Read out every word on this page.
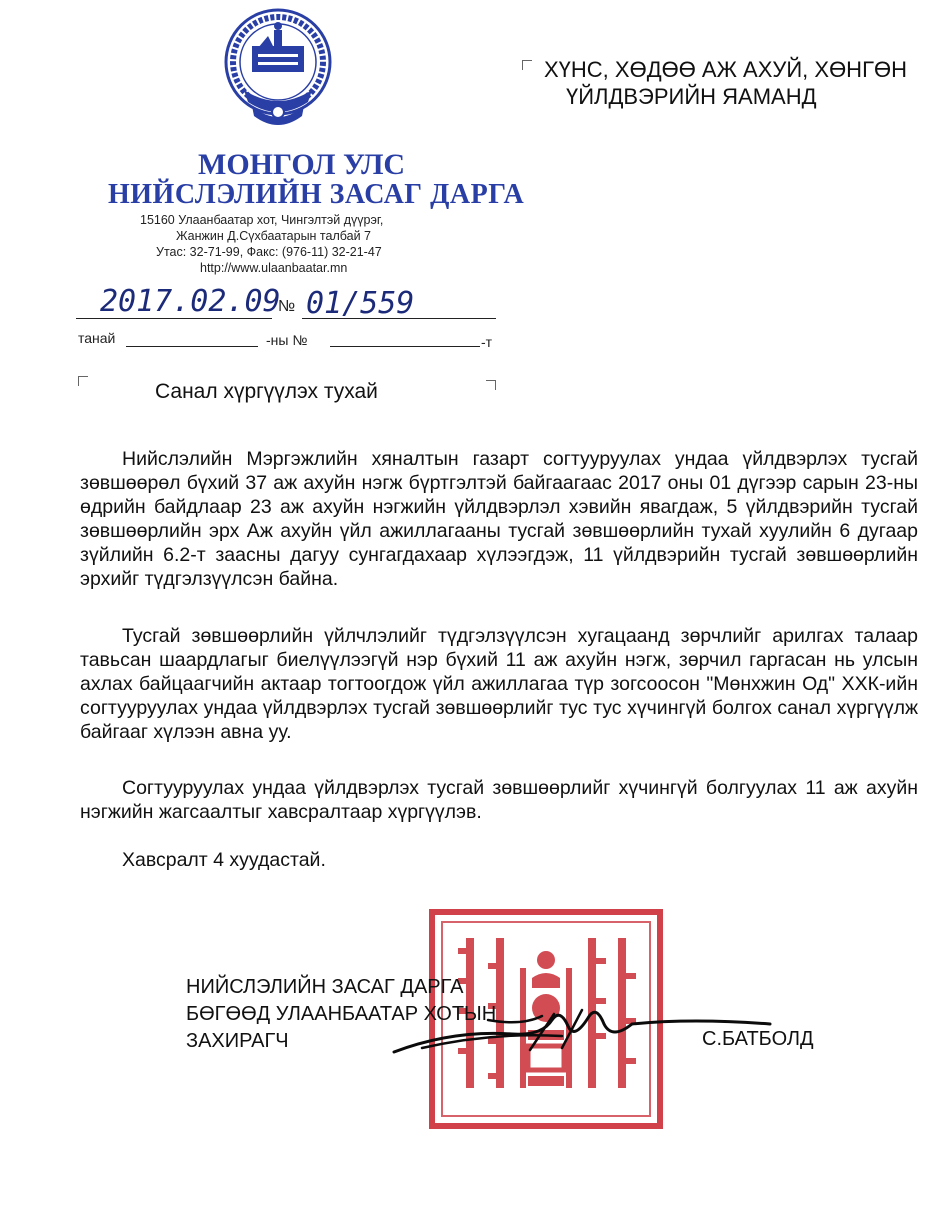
МОНГОЛ УЛС
НИЙСЛЭЛИЙН ЗАСАГ ДАРГА
15160 Улаанбаатар хот, Чингэлтэй дүүрэг,
Жанжин Д.Сүхбаатарын талбай 7
Утас: 32-71-99, Факс: (976-11) 32-21-47
http://www.ulaanbaatar.mn
ХҮНС, ХӨДӨӨ АЖ АХУЙ, ХӨНГӨН
ҮЙЛДВЭРИЙН ЯАМАНД
2017.02.09
№ 01/559
танай	-ны №	-т
Санал хүргүүлэх тухай
Нийслэлийн Мэргэжлийн хяналтын газарт согтууруулах ундаа үйлдвэрлэх тусгай зөвшөөрөл бүхий 37 аж ахуйн нэгж бүртгэлтэй байгаагаас 2017 оны 01 дүгээр сарын 23-ны өдрийн байдлаар 23 аж ахуйн нэгжийн үйлдвэрлэл хэвийн явагдаж, 5 үйлдвэрийн тусгай зөвшөөрлийн эрх Аж ахуйн үйл ажиллагааны тусгай зөвшөөрлийн тухай хуулийн 6 дугаар зүйлийн 6.2-т заасны дагуу сунгагдахаар хүлээгдэж, 11 үйлдвэрийн тусгай зөвшөөрлийн эрхийг түдгэлзүүлсэн байна.
Тусгай зөвшөөрлийн үйлчлэлийг түдгэлзүүлсэн хугацаанд зөрчлийг арилгах талаар тавьсан шаардлагыг биелүүлээгүй нэр бүхий 11 аж ахуйн нэгж, зөрчил гаргасан нь улсын ахлах байцаагчийн актаар тогтоогдож үйл ажиллагаа түр зогсоосон "Мөнхжин Од" ХХК-ийн согтууруулах ундаа үйлдвэрлэх тусгай зөвшөөрлийг тус тус хүчингүй болгох санал хүргүүлж байгааг хүлээн авна уу.
Согтууруулах ундаа үйлдвэрлэх тусгай зөвшөөрлийг хүчингүй болгуулах 11 аж ахуйн нэгжийн жагсаалтыг хавсралтаар хүргүүлэв.
Хавсралт 4 хуудастай.
НИЙСЛЭЛИЙН ЗАСАГ ДАРГА
БӨГӨӨД УЛААНБААТАР ХОТЫН
ЗАХИРАГЧ	С.БАТБОЛД
